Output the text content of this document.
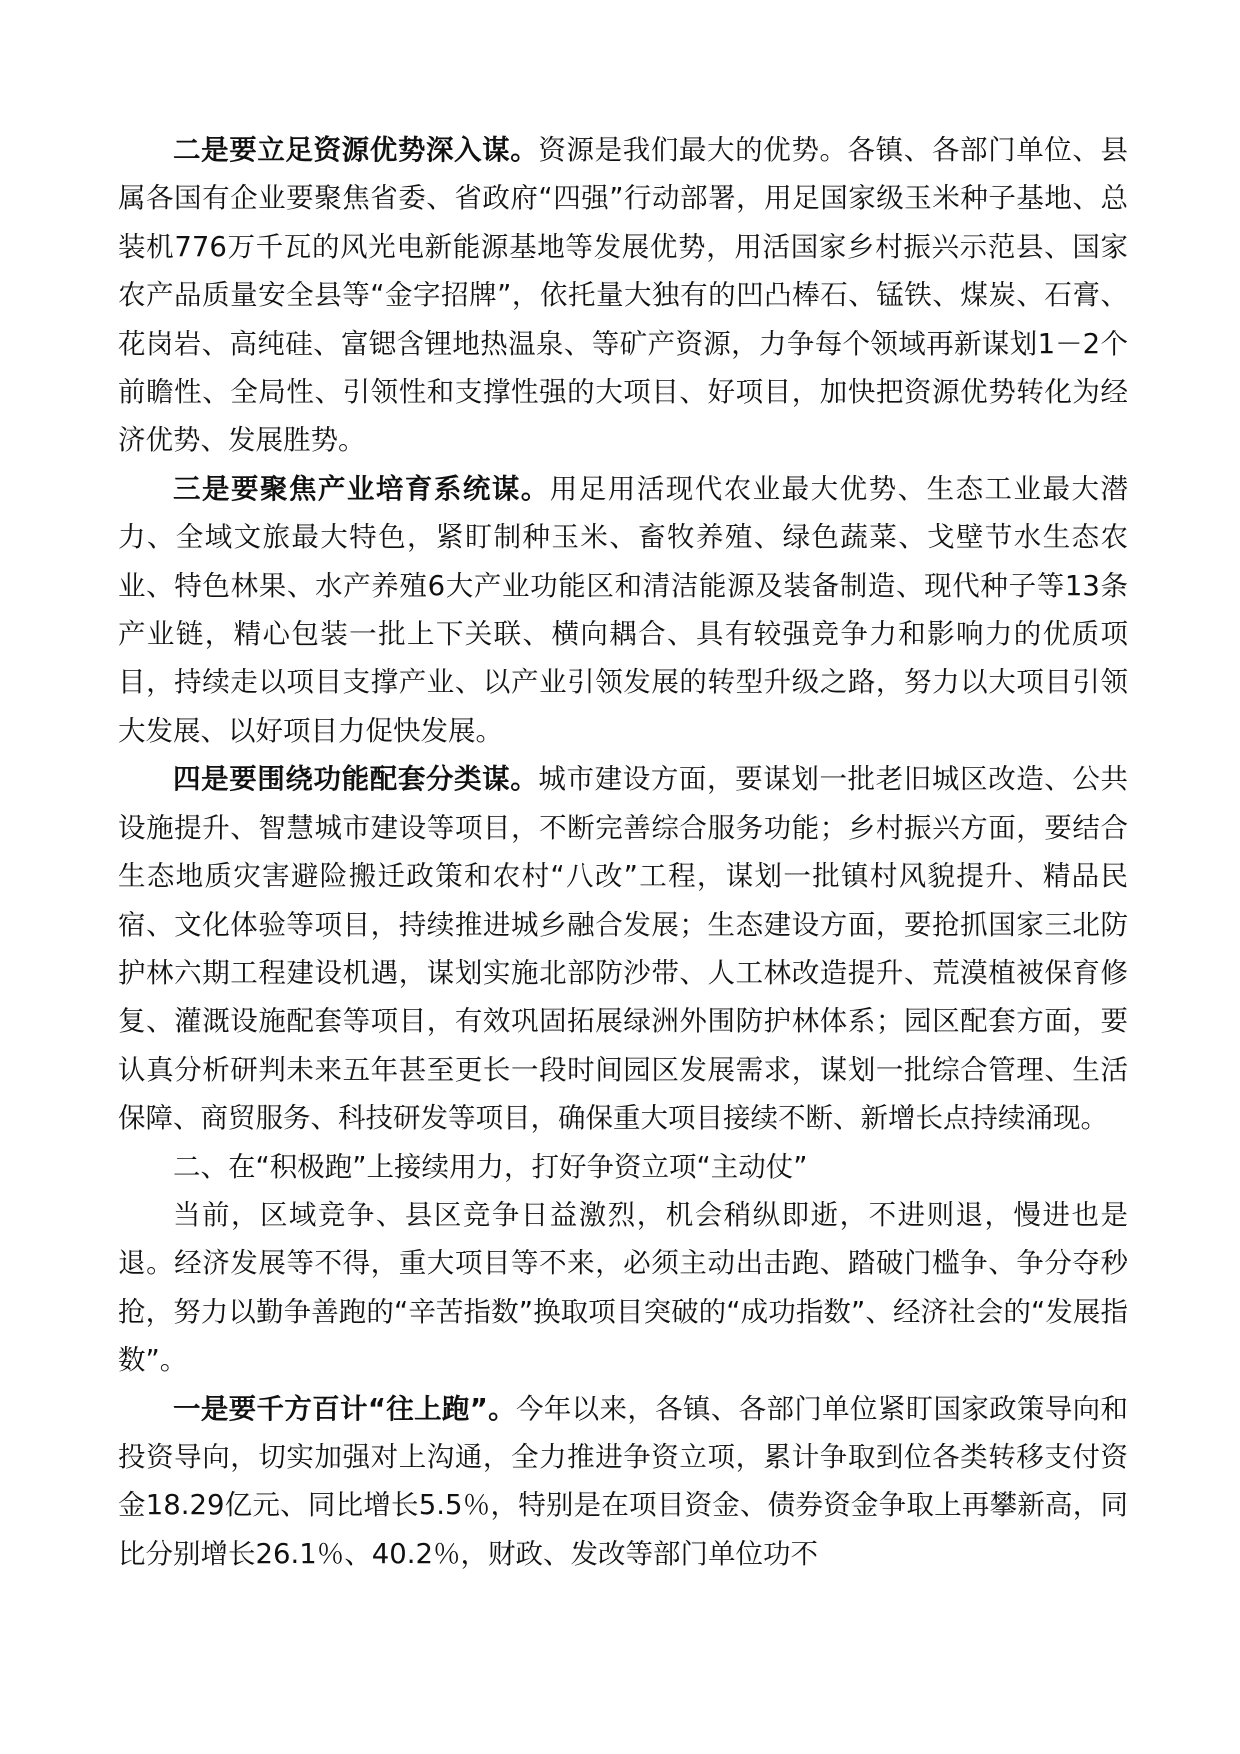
二是要立足资源优势深入谋。资源是我们最大的优势。各镇、各部门单位、县属各国有企业要聚焦省委、省政府“四强”行动部署，用足国家级玉米种子基地、总装机776万千瓦的风光电新能源基地等发展优势，用活国家乡村振兴示范县、国家农产品质量安全县等“金字招牌”，依托量大独有的凹凸棒石、锰铁、煤炭、石膏、花岗岩、高纯硅、富锶含锂地热温泉、等矿产资源，力争每个领域再新谋划1－2个前瞻性、全局性、引领性和支撑性强的大项目、好项目，加快把资源优势转化为经济优势、发展胜势。

三是要聚焦产业培育系统谋。用足用活现代农业最大优势、生态工业最大潜力、全域文旅最大特色，紧盯制种玉米、畜牧养殖、绿色蔬菜、戈壁节水生态农业、特色林果、水产养殖6大产业功能区和清洁能源及装备制造、现代种子等13条产业链，精心包装一批上下关联、横向耦合、具有较强竞争力和影响力的优质项目，持续走以项目支撑产业、以产业引领发展的转型升级之路，努力以大项目引领大发展、以好项目力促快发展。

四是要围绕功能配套分类谋。城市建设方面，要谋划一批老旧城区改造、公共设施提升、智慧城市建设等项目，不断完善综合服务功能；乡村振兴方面，要结合生态地质灾害避险搬迁政策和农村“八改”工程，谋划一批镇村风貌提升、精品民宿、文化体验等项目，持续推进城乡融合发展；生态建设方面，要抢抓国家三北防护林六期工程建设机遇，谋划实施北部防沙带、人工林改造提升、荒漠植被保育修复、灌溉设施配套等项目，有效巩固拓展绿洲外围防护林体系；园区配套方面，要认真分析研判未来五年甚至更长一段时间园区发展需求，谋划一批综合管理、生活保障、商贸服务、科技研发等项目，确保重大项目接续不断、新增长点持续涌现。

二、在“积极跑”上接续用力，打好争资立项“主动仗”

当前，区域竞争、县区竞争日益激烈，机会稍纵即逝，不进则退，慢进也是退。经济发展等不得，重大项目等不来，必须主动出击跑、踏破门槛争、争分夺秒抢，努力以勤争善跑的“辛苦指数”换取项目突破的“成功指数”、经济社会的“发展指数”。

一是要千方百计“往上跑”。今年以来，各镇、各部门单位紧盯国家政策导向和投资导向，切实加强对上沟通，全力推进争资立项，累计争取到位各类转移支付资金18.29亿元、同比增长5.5％，特别是在项目资金、债券资金争取上再攀新高，同比分别增长26.1％、40.2％，财政、发改等部门单位功不
